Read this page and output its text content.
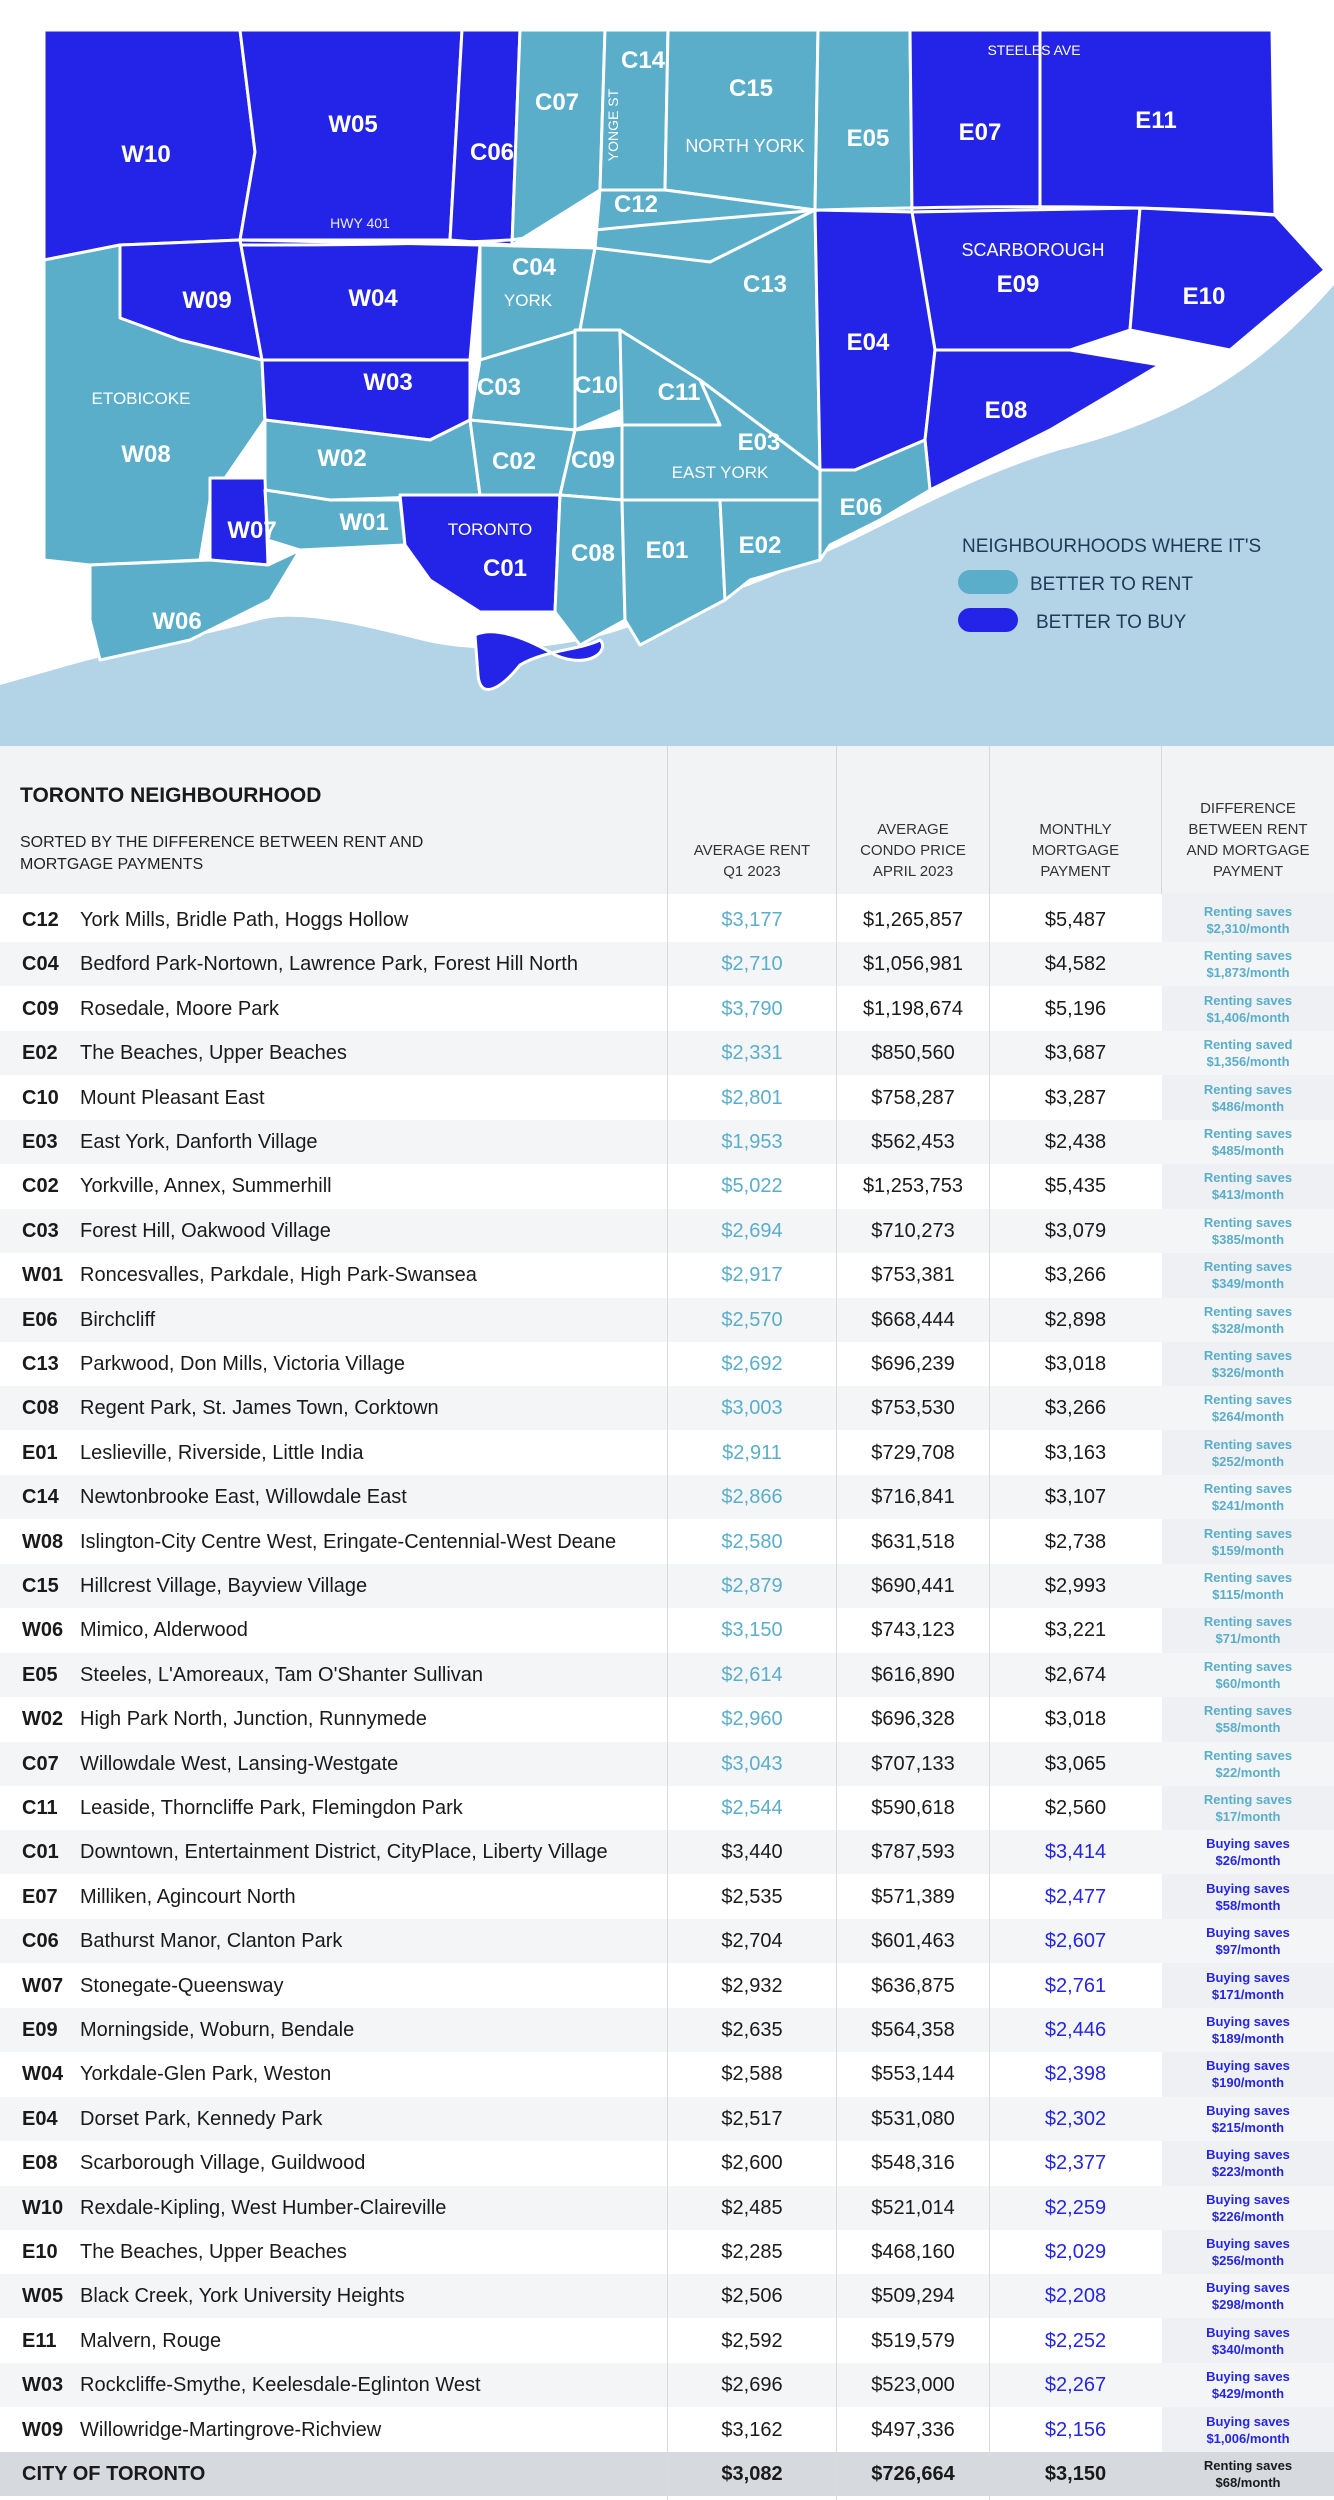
W10
W05
C06
C07
C14
C15
E05	E07	E11
C12
W09	W04
C04
C13	E09	E10
E04
W08
W03	C03 C10 C11
E03
E08
W02	C02 C09
W07	W01
C01
C08 E01 E02
E06
W06
STEELES AVE
HWY 401
YONGE ST	NORTH YORK
SCARBOROUGH
YORK
ETOBICOKE
EAST YORK
TORONTO
NEIGHBOURHOODS WHERE IT'S
BETTER TO RENT
BETTER TO BUY
TORONTO NEIGHBOURHOOD
SORTED BY THE DIFFERENCE BETWEEN RENT AND MORTGAGE PAYMENTS
AVERAGE RENT
Q1 2023
AVERAGE
CONDO PRICE
APRIL 2023
MONTHLY
MORTGAGE
PAYMENT
DIFFERENCE
BETWEEN RENT
AND MORTGAGE
PAYMENT
C12 York Mills, Bridle Path, Hoggs Hollow	$3,177	$1,265,857	$5,487	Renting saves
$2,310/month
C04 Bedford Park-Nortown, Lawrence Park, Forest Hill North	$2,710	$1,056,981	$4,582	Renting saves
$1,873/month
C09 Rosedale, Moore Park	$3,790	$1,198,674	$5,196	Renting saves
$1,406/month
E02 The Beaches, Upper Beaches	$2,331	$850,560	$3,687	Renting saved
$1,356/month
C10 Mount Pleasant East	$2,801	$758,287	$3,287	Renting saves
$486/month
E03 East York, Danforth Village	$1,953	$562,453	$2,438	Renting saves
$485/month
C02 Yorkville, Annex, Summerhill	$5,022	$1,253,753	$5,435	Renting saves
$413/month
C03 Forest Hill, Oakwood Village	$2,694	$710,273	$3,079	Renting saves
$385/month
W01 Roncesvalles, Parkdale, High Park-Swansea	$2,917	$753,381	$3,266	Renting saves
$349/month
E06 Birchcliff	$2,570	$668,444	$2,898	Renting saves
$328/month
C13 Parkwood, Don Mills, Victoria Village	$2,692	$696,239	$3,018	Renting saves
$326/month
C08 Regent Park, St. James Town, Corktown	$3,003	$753,530	$3,266	Renting saves
$264/month
E01 Leslieville, Riverside, Little India	$2,911	$729,708	$3,163	Renting saves
$252/month
C14 Newtonbrooke East, Willowdale East	$2,866	$716,841	$3,107	Renting saves
$241/month
W08 Islington-City Centre West, Eringate-Centennial-West Deane	$2,580	$631,518	$2,738	Renting saves
$159/month
C15 Hillcrest Village, Bayview Village	$2,879	$690,441	$2,993	Renting saves
$115/month
W06 Mimico, Alderwood	$3,150	$743,123	$3,221	Renting saves
$71/month
E05 Steeles, L'Amoreaux, Tam O'Shanter Sullivan	$2,614	$616,890	$2,674	Renting saves
$60/month
W02 High Park North, Junction, Runnymede	$2,960	$696,328	$3,018	Renting saves
$58/month
C07 Willowdale West, Lansing-Westgate	$3,043	$707,133	$3,065	Renting saves
$22/month
C11 Leaside, Thorncliffe Park, Flemingdon Park	$2,544	$590,618	$2,560	Renting saves
$17/month
C01 Downtown, Entertainment District, CityPlace, Liberty Village	$3,440	$787,593	$3,414	Buying saves
$26/month
E07 Milliken, Agincourt North	$2,535	$571,389	$2,477	Buying saves
$58/month
C06 Bathurst Manor, Clanton Park	$2,704	$601,463	$2,607	Buying saves
$97/month
W07 Stonegate-Queensway	$2,932	$636,875	$2,761	Buying saves
$171/month
E09 Morningside, Woburn, Bendale	$2,635	$564,358	$2,446	Buying saves
$189/month
W04 Yorkdale-Glen Park, Weston	$2,588	$553,144	$2,398	Buying saves
$190/month
E04 Dorset Park, Kennedy Park	$2,517	$531,080	$2,302	Buying saves
$215/month
E08 Scarborough Village, Guildwood	$2,600	$548,316	$2,377	Buying saves
$223/month
W10 Rexdale-Kipling, West Humber-Claireville	$2,485	$521,014	$2,259	Buying saves
$226/month
E10 The Beaches, Upper Beaches	$2,285	$468,160	$2,029	Buying saves
$256/month
W05 Black Creek, York University Heights	$2,506	$509,294	$2,208	Buying saves
$298/month
E11 Malvern, Rouge	$2,592	$519,579	$2,252	Buying saves
$340/month
W03 Rockcliffe-Smythe, Keelesdale-Eglinton West	$2,696	$523,000	$2,267	Buying saves
$429/month
W09 Willowridge-Martingrove-Richview	$3,162	$497,336	$2,156	Buying saves
$1,006/month
CITY OF TORONTO	$3,082	$726,664	$3,150	Renting saves
$68/month
